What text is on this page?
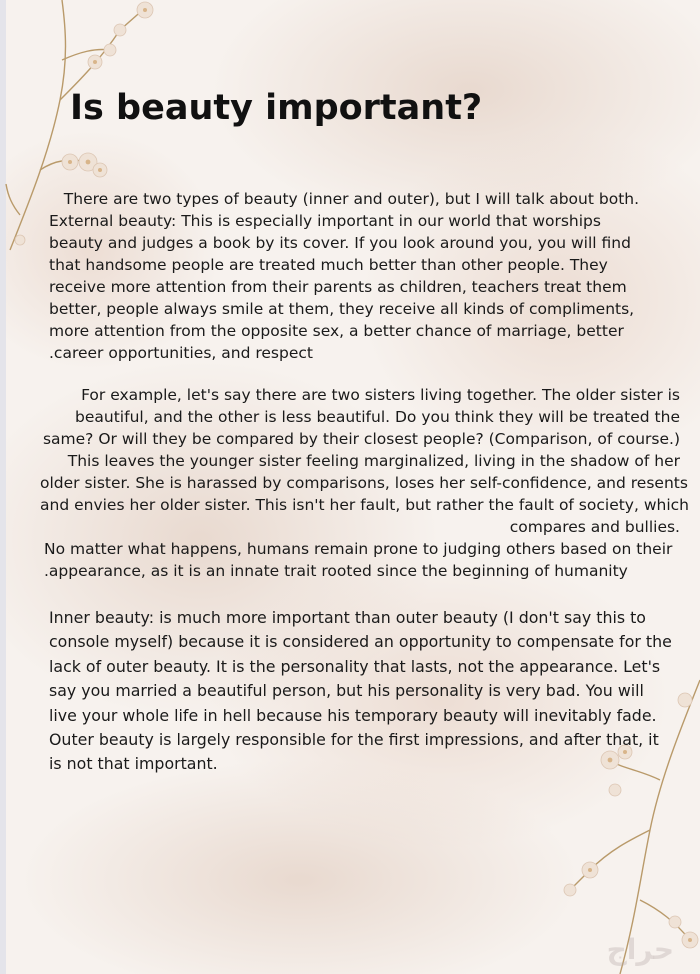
Is beauty important?
There are two types of beauty (inner and outer), but I will talk about both.
External beauty: This is especially important in our world that worships
beauty and judges a book by its cover. If you look around you, you will find
that handsome people are treated much better than other people. They
receive more attention from their parents as children, teachers treat them
better, people always smile at them, they receive all kinds of compliments,
more attention from the opposite sex, a better chance of marriage, better
.career opportunities, and respect
For example, let's say there are two sisters living together. The older sister is
beautiful, and the other is less beautiful. Do you think they will be treated the
same? Or will they be compared by their closest people? (Comparison, of course.)
This leaves the younger sister feeling marginalized, living in the shadow of her
older sister. She is harassed by comparisons, loses her self-confidence, and resents
and envies her older sister. This isn't her fault, but rather the fault of society, which
compares and bullies.
No matter what happens, humans remain prone to judging others based on their
.appearance, as it is an innate trait rooted since the beginning of humanity
Inner beauty: is much more important than outer beauty (I don't say this to
console myself) because it is considered an opportunity to compensate for the
lack of outer beauty. It is the personality that lasts, not the appearance. Let's
say you married a beautiful person, but his personality is very bad. You will
live your whole life in hell because his temporary beauty will inevitably fade.
Outer beauty is largely responsible for the first impressions, and after that, it
is not that important.
حراج
